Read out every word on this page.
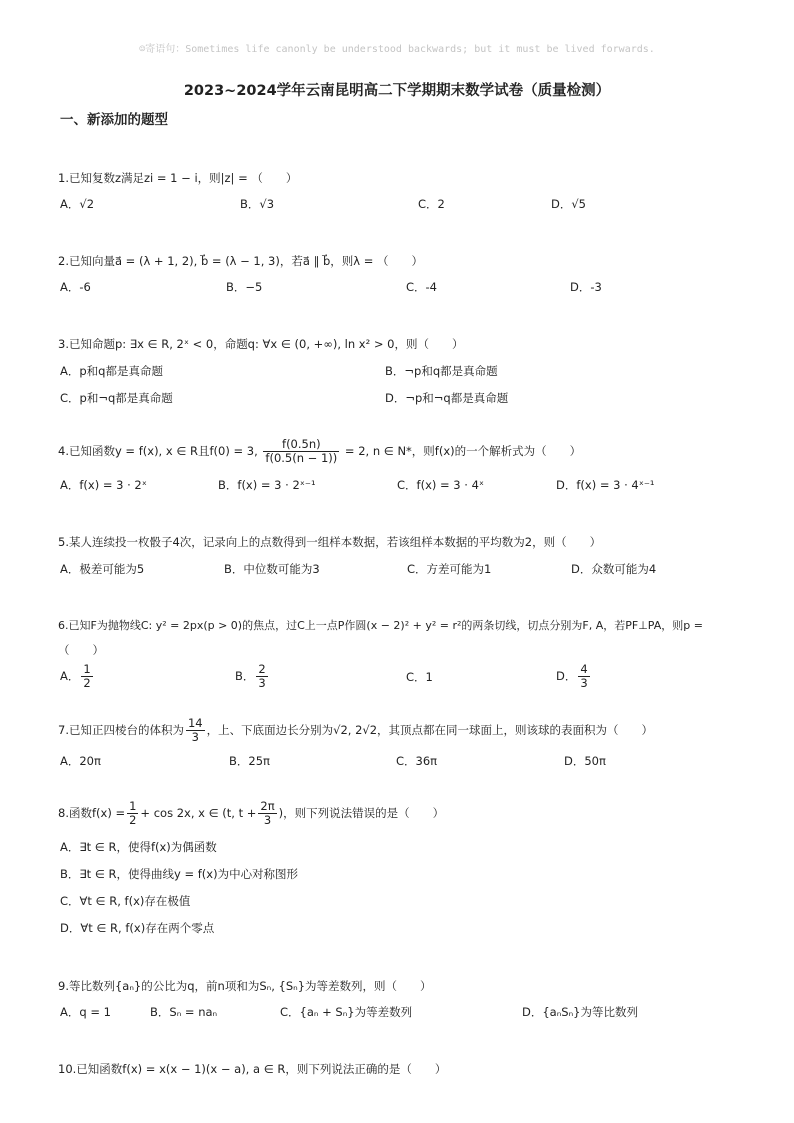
☺寄语句：Sometimes life canonly be understood backwards; but it must be lived forwards.
2023~2024学年云南昆明高二下学期期末数学试卷（质量检测）
一、新添加的题型
1.已知复数z满足zi = 1 − i，则|z| = （　　）
A．√2	B．√3	C．2	D．√5
2.已知向量a⃗ = (λ + 1, 2), b⃗ = (λ − 1, 3)，若a⃗ ∥ b⃗，则λ = （　　）
A．-6	B．−5	C．-4	D．-3
3.已知命题p: ∃x ∈ R, 2ˣ < 0，命题q: ∀x ∈ (0, +∞), ln x² > 0，则（　　）
A．p和q都是真命题	B．¬p和q都是真命题
C．p和¬q都是真命题	D．¬p和¬q都是真命题
4.已知函数y = f(x), x ∈ R且f(0) = 3, $\frac{f(0.5n)}{f(0.5(n - 1))} = 2$, n ∈ N*，则f(x)的一个解析式为（　　）
A．f(x) = 3 · 2ˣ	B．f(x) = 3 · 2ˣ⁻¹	C．f(x) = 3 · 4ˣ	D．f(x) = 3 · 4ˣ⁻¹
5.某人连续投一枚骰子4次，记录向上的点数得到一组样本数据，若该组样本数据的平均数为2，则（　　）
A．极差可能为5	B．中位数可能为3	C．方差可能为1	D．众数可能为4
6.已知F为抛物线C: y² = 2px(p > 0)的焦点，过C上一点P作圆(x − 2)² + y² = r²的两条切线，切点分别为F, A，若PF⊥PA，则p =
（　　）
A． $\frac{1}{2}$	B． $\frac{2}{3}$	C．1	D． $\frac{4}{3}$
7.已知正四棱台的体积为 $\frac{14}{3}$ ，上、下底面边长分别为√2, 2√2，其顶点都在同一球面上，则该球的表面积为（　　）
A．20π	B．25π	C．36π	D．50π
8.函数$f(x) = \frac{1}{2} + \cos 2x$, x ∈ (t, $t + \frac{2\pi}{3}$ )，则下列说法错误的是（　　）
A．∃t ∈ R，使得f(x)为偶函数
B．∃t ∈ R，使得曲线y = f(x)为中心对称图形
C．∀t ∈ R, f(x)存在极值
D．∀t ∈ R, f(x)存在两个零点
9.等比数列{aₙ}的公比为q，前n项和为Sₙ, {Sₙ}为等差数列，则（　　）
A．q = 1	B．Sₙ = naₙ	C．{aₙ + Sₙ}为等差数列	D．{aₙSₙ}为等比数列
10.已知函数f(x) = x(x − 1)(x − a), a ∈ R，则下列说法正确的是（　　）
